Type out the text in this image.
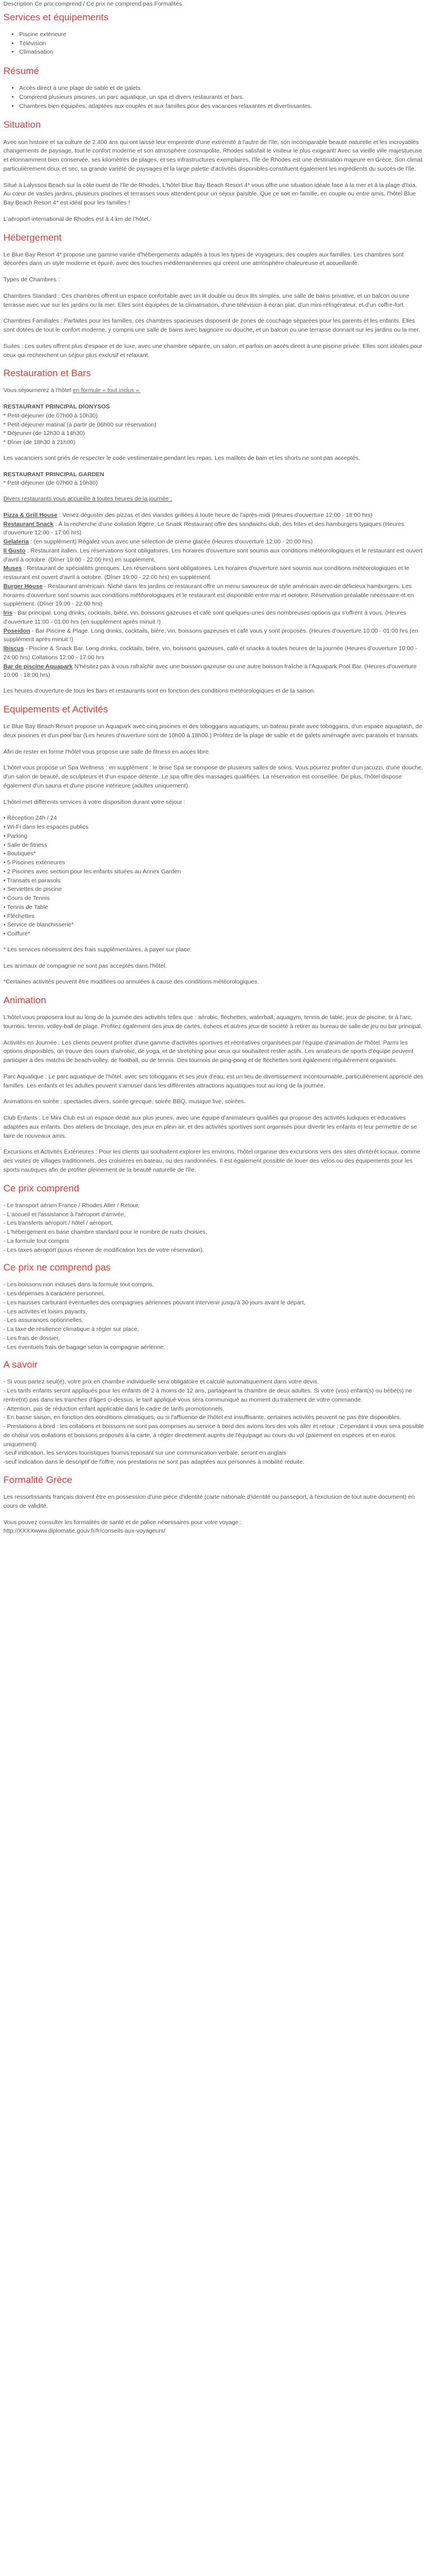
Description Ce prix comprend / Ce prix ne comprend pas Formalités

Services et équipements
• Piscine extérieure
• Télévision
• Climatisation
Résumé
• Accès direct à une plage de sable et de galets.
• Comprend plusieurs piscines, un parc aquatique, un spa et divers restaurants et bars.
• Chambres bien équipées, adaptées aux couples et aux familles pour des vacances relaxantes et divertissantes.
Situation

Avec son histoire et sa culture de 2.400 ans qui ont laissé leur empreinte d'une extrémité à l'autre de l'île, son incomparable beauté naturelle et les incroyables changements de paysage, tout le confort moderne et son atmosphère cosmopolite, Rhodes satisfait le visiteur le plus exigeant! Avec sa vieille ville majestueuse et étonnamment bien conservée, ses kilomètres de plages, et ses infrastructures exemplaires, l'île de Rhodes est une destination majeure en Grèce. Son climat particulièrement doux et sec, sa grande variété de paysages et la large palette d'activités disponibles constituent également les ingrédients du succès de l'île.

Situé à Lalyssos Beach sur la côte ouest de l'île de Rhodes, L'hôtel Blue Bay Beach Resort 4* vous offre une situation idéale face à la mer et à la plage d'Ixia. Au cœur de vastes jardins, plusieurs piscines et terrasses vous attendent pour un séjour paisible. Que ce soit en famille, en couple ou entre amis, l'hôtel Blue Bay Beach Resort 4* est idéal pour les familles !

L'aéroport international de Rhodes est à 4 km de l'hôtel.

Hébergement

Le Blue Bay Resort 4* propose une gamme variée d'hébergements adaptés à tous les types de voyageurs, des couples aux familles. Les chambres sont décorées dans un style moderne et épuré, avec des touches méditerranéennes qui créent une atmosphère chaleureuse et accueillante.

Types de Chambres :

Chambres Standard : Ces chambres offrent un espace confortable avec un lit double ou deux lits simples, une salle de bains privative, et un balcon ou une terrasse avec vue sur les jardins ou la mer. Elles sont équipées de la climatisation, d'une télévision à écran plat, d'un mini-réfrigérateur, et d'un coffre-fort.

Chambres Familiales : Parfaites pour les familles, ces chambres spacieuses disposent de zones de couchage séparées pour les parents et les enfants. Elles sont dotées de tout le confort moderne, y compris une salle de bains avec baignoire ou douche, et un balcon ou une terrasse donnant sur les jardins ou la mer.

Suites : Les suites offrent plus d'espace et de luxe, avec une chambre séparée, un salon, et parfois un accès direct à une piscine privée. Elles sont idéales pour ceux qui recherchent un séjour plus exclusif et relaxant.

Restauration et Bars

Vous séjournerez à l'hôtel en formule « tout inclus ».

RESTAURANT PRINCIPAL DIONYSOS

* Petit-déjeuner (de 07h00 à 10h30)

* Petit-déjeuner matinal (à partir de 06h00 sur réservation)

* Déjeuner (de 12h30 à 14h30)

* Dîner (de 18h30 à 21h00)

Les vacanciers sont priés de respecter le code vestimentaire pendant les repas. Les maillots de bain et les shorts ne sont pas acceptés.

RESTAURANT PRINCIPAL GARDEN

* Petit-déjeuner (de 07h00 à 10h30)

Divers restaurants vous accueille à toutes heures de la journée :

Pizza & Grill House : Venez déguster des pizzas et des viandes grillées à toute heure de l'après-midi (Heures d'ouverture 12:00 - 18:00 hrs)

Restaurant Snack : À la recherche d'une collation légère, Le Snack Restaurant offre des sandwichs club, des frites et des hamburgers typiques (Heures d'ouverture 12:00 - 17:00 hrs)

Gelateria : (en supplément) Régalez vous avec une sélection de crème glacée (Heures d'ouverture 12:00 - 20:00 hrs)

Il Gusto : Restaurant italien. Les réservations sont obligatoires. Les horaires d'ouverture sont soumis aux conditions météorologiques et le restaurant est ouvert d'avril à octobre. (Dîner 19:00 - 22:00 hrs) en supplément.

Muses : Restaurant de spécialités grecques. Les réservations sont obligatoires. Les horaires d'ouverture sont soumis aux conditions météorologiques et le restaurant est ouvert d'avril à octobre. (Dîner 19:00 - 22:00 hrs) en supplément.

Burger House - Restaurant américain. Niché dans les jardins ce restaurant offre un menu savoureux de style américain avec de délicieux hamburgers. Les horaires d'ouverture sont soumis aux conditions météorologiques et le restaurant est disponible entre mai et octobre. Réservation préalable nécessaire et en supplément. (Dîner 19:00 - 22:00 hrs)

Iris - Bar principal. Long drinks, cocktails, bière, vin, boissons gazeuses et café sont quelques-unes des nombreuses options qui s'offrent à vous. (Heures d'ouverture 11:00 - 01:00 hrs (en supplément après minuit !)

Poseidon - Bar Piscine & Plage. Long drinks, cocktails, bière, vin, boissons gazeuses et café vous y sont proposés. (Heures d'ouverture 10:00 - 01:00 hrs (en supplément après minuit !)

Ibiscus - Piscine & Snack Bar. Long drinks, cocktails, bière, vin, boissons gazeuses, café et snacks à toutes heures de la journée (Heures d'ouverture 10:00 - 24:00 hrs) Collations 12:00 - 17:00 hrs

Bar de piscine Aquapark N'hésitez pas à vous rafraîchir avec une boisson gazeuse ou une autre boisson fraîche à l'Aquapark Pool Bar. (Heures d'ouverture 10:00 - 18:00 hrs)

Les heures d'ouverture de tous les bars et restaurants sont en fonction des conditions météorologiques et de la saison.

Equipements et Activités

Le Blue Bay Beach Resort propose un Aquapark avec cinq piscines et des toboggans aquatiques, un bateau pirate avec toboggans, d'un espace aquaplash, de deux piscines et d'un pool bar (Les heures d'ouverture sont de 10h00 à 18h00.) Profitez de la plage de sable et de galets aménagée avec parasols et transats.

Afin de rester en forme l'hôtel vous propose une salle de fitness en accès libre.

L'hôtel vous propose un Spa Wellness : en supplément : le brise Spa se compose de plusieurs salles de soins. Vous pourrez profiter d'un jacuzzi, d'une douche, d'un salon de beauté, de sculpteurs et d'un espace détente. Le spa offre des massages qualifiées. La réservation est conseillée. De plus, l'hôtel dispose également d'un sauna et d'une piscine intérieure (adultes uniquement).

L'hôtel met différents services à votre disposition durant votre séjour :

• Réception 24h / 24

• Wi-Fi dans les espaces publics

• Parking

• Salle de fitness

• Boutiques*

• 5 Piscines extérieures

• 2 Piscines avec section pour les enfants situées au Annex Garden

• Transats et parasols

• Serviettes de piscine

• Cours de Tennis

• Tennis de Table

• Fléchettes

• Service de blanchisserie*

• Coiffure*

* Les services nécessitent des frais supplémentaires, à payer sur place.

Les animaux de compagnie ne sont pas acceptés dans l'hôtel.

*Certaines activités peuvent être modifiées ou annulées à cause des conditions météorologiques.

Animation

L'hôtel vous proposera tout au long de la journée des activités telles que : aérobic, fléchettes, waterball, aquagym, tennis de table, jeux de piscine, tir à l'arc, tournois, tennis, volley-ball de plage. Profitez également des jeux de cartes, échecs et autres jeux de société à retirer au bureau de salle de jeu ou bar principal.

Activités en Journée : Les clients peuvent profiter d'une gamme d'activités sportives et récréatives organisées par l'équipe d'animation de l'hôtel. Parmi les options disponibles, on trouve des cours d'aérobic, de yoga, et de stretching pour ceux qui souhaitent rester actifs. Les amateurs de sports d'équipe peuvent participer à des matchs de beach-volley, de football, ou de tennis. Des tournois de ping-pong et de fléchettes sont également régulièrement organisés.

Parc Aquatique : Le parc aquatique de l'hôtel, avec ses toboggans et ses jeux d'eau, est un lieu de divertissement incontournable, particulièrement apprécié des familles. Les enfants et les adultes peuvent s'amuser dans les différentes attractions aquatiques tout au long de la journée.

Animations en soirée : spectacles divers, soirée grecque, soirée BBQ, musique live, soirées.

Club Enfants : Le Mini Club est un espace dédié aux plus jeunes, avec une équipe d'animateurs qualifiés qui propose des activités ludiques et éducatives adaptées aux enfants. Des ateliers de bricolage, des jeux en plein air, et des activités sportives sont organisés pour divertir les enfants et leur permettre de se faire de nouveaux amis.

Excursions et Activités Extérieures : Pour les clients qui souhaitent explorer les environs, l'hôtel organise des excursions vers des sites d'intérêt locaux, comme des visites de villages traditionnels, des croisières en bateau, ou des randonnées. Il est également possible de louer des vélos ou des équipements pour les sports nautiques afin de profiter pleinement de la beauté naturelle de l'île.

Ce prix comprend

- Le transport aérien France / Rhodes Aller / Retour,

- L'accueil et l'assistance à l'aéroport d'arrivée,

- Les transferts aéroport / hôtel / aéroport,

- L'hébergement en base chambre standard pour le nombre de nuits choisies,

- La formule tout compris

- Les taxes aéroport (sous réserve de modification lors de votre réservation).

Ce prix ne comprend pas

- Les boissons non incluses dans la formule tout compris,

- Les dépenses à caractère personnel,

- Les hausses carburant éventuelles des compagnies aériennes pouvant intervenir jusqu'à 30 jours avant le départ,

- Les activités et loisirs payants,

- Les assurances optionnelles,

- La taxe de résilience climatique à régler sur place,

- Les frais de dossier,

- Les éventuels frais de bagage selon la compagnie aérienne.

A savoir

- Si vous partez seul(e), votre prix en chambre individuelle sera obligatoire et calculé automatiquement dans votre devis.

- Les tarifs enfants seront appliqués pour les enfants de 2 à moins de 12 ans, partageant la chambre de deux adultes. Si votre (vos) enfant(s) ou bébé(s) ne rentre(nt) pas dans les tranches d'âges ci-dessus, le tarif appliqué vous sera communiqué au moment du traitement de votre commande.

- Attention, pas de réduction enfant applicable dans le cadre de tarifs promotionnels.

- En basse saison, en fonction des conditions climatiques, ou si l'affluence de l'hôtel est insuffisante, certaines activités peuvent ne pas être disponibles.

- Prestations à bord : les collations et boissons ne sont pas comprises au service à bord des avions lors des vols aller et retour ; Cependant il vous sera possible de choisir vos collations et boissons proposés à la carte, à régler directement auprès de l'équipage au cours du vol (paiement en espèces et en euros uniquement).

-seuf indication, les services touristiques fournis reposant sur une communication verbale, seront en anglais

-seuf indication dans le descriptif de l'offre, nos prestations ne sont pas adaptées aux personnes à mobilité réduite.

Formalité Grèce

Les ressortissants français doivent être en possession d'une pièce d'identité (carte nationale d'identité ou passeport, à l'exclusion de tout autre document) en cours de validité.

Vous pouvez consulter les formalités de santé et de police nécessaires pour votre voyage :

http://XXXXwww.diplomatie.gouv.fr/fr/conseils-aux-voyageurs/
